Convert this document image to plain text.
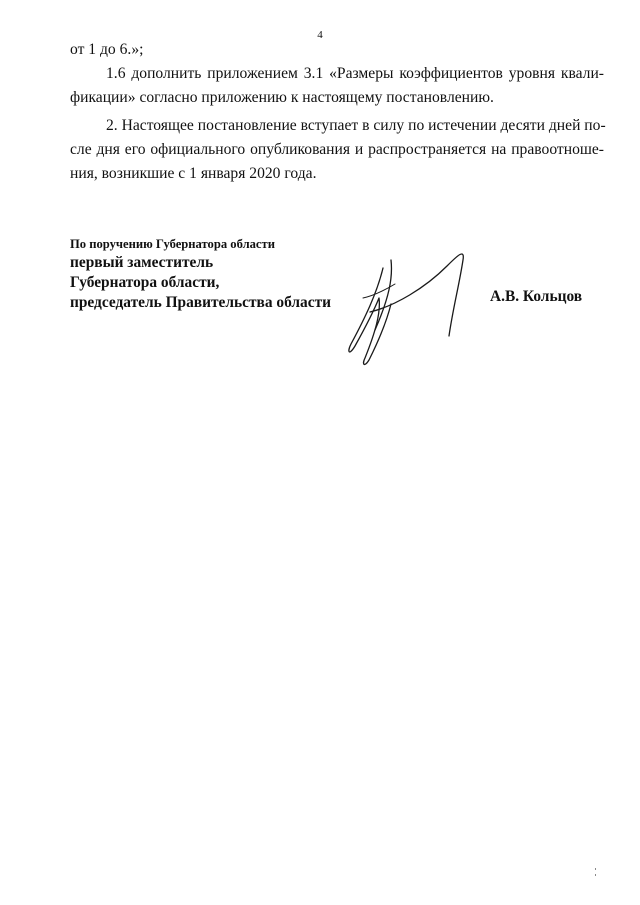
4
от 1 до 6.»;
1.6 дополнить приложением 3.1 «Размеры коэффициентов уровня квали-
фикации» согласно приложению к настоящему постановлению.
2. Настоящее постановление вступает в силу по истечении десяти дней по-
сле дня его официального опубликования и распространяется на правоотноше-
ния, возникшие с 1 января 2020 года.
По поручению Губернатора области
первый заместитель
Губернатора области,
председатель Правительства области	А.В. Кольцов
